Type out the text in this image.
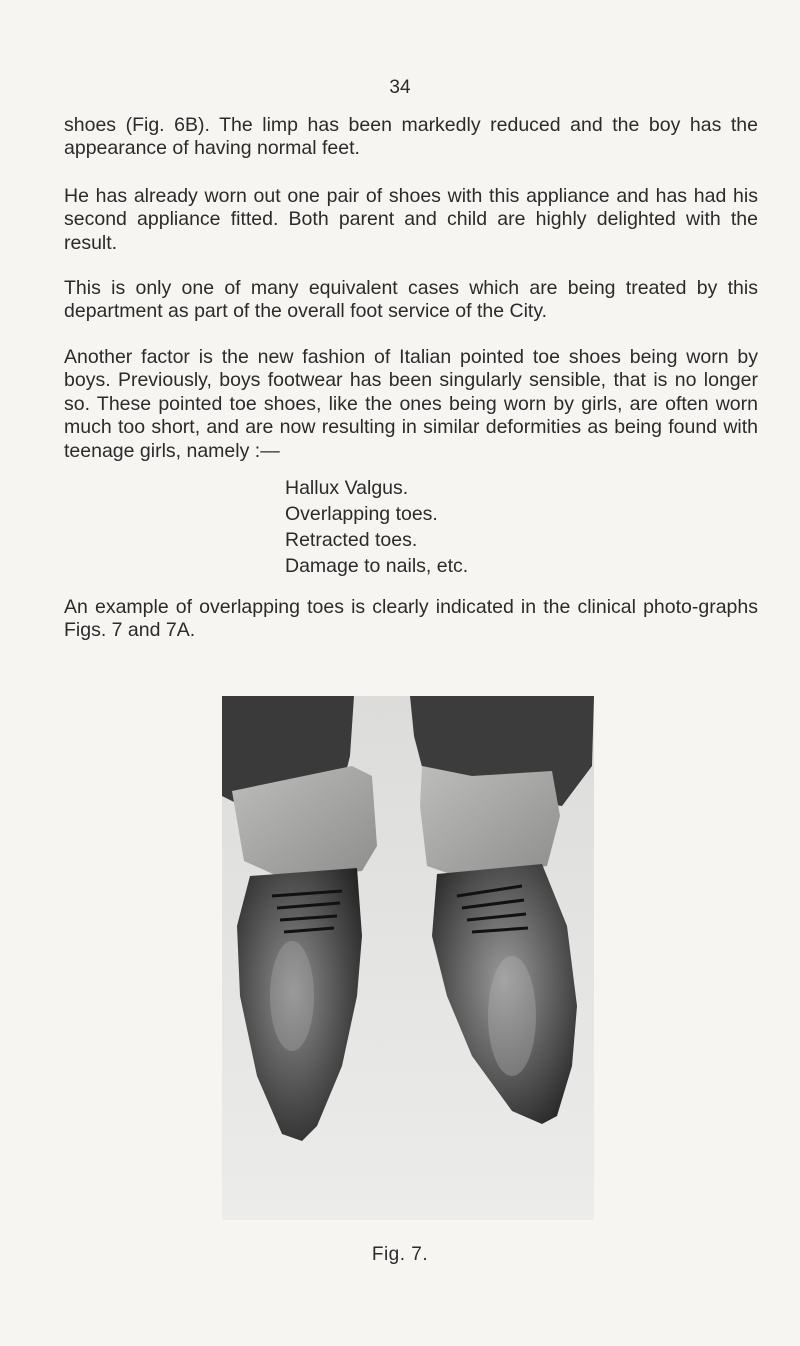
34

shoes (Fig. 6B). The limp has been markedly reduced and the boy has the appearance of having normal feet.

He has already worn out one pair of shoes with this appliance and has had his second appliance fitted. Both parent and child are highly delighted with the result.

This is only one of many equivalent cases which are being treated by this department as part of the overall foot service of the City.

Another factor is the new fashion of Italian pointed toe shoes being worn by boys. Previously, boys footwear has been singularly sensible, that is no longer so. These pointed toe shoes, like the ones being worn by girls, are often worn much too short, and are now resulting in similar deformities as being found with teenage girls, namely :—

Hallux Valgus.
Overlapping toes.
Retracted toes.
Damage to nails, etc.

An example of overlapping toes is clearly indicated in the clinical photo-graphs Figs. 7 and 7A.

Fig. 7.
